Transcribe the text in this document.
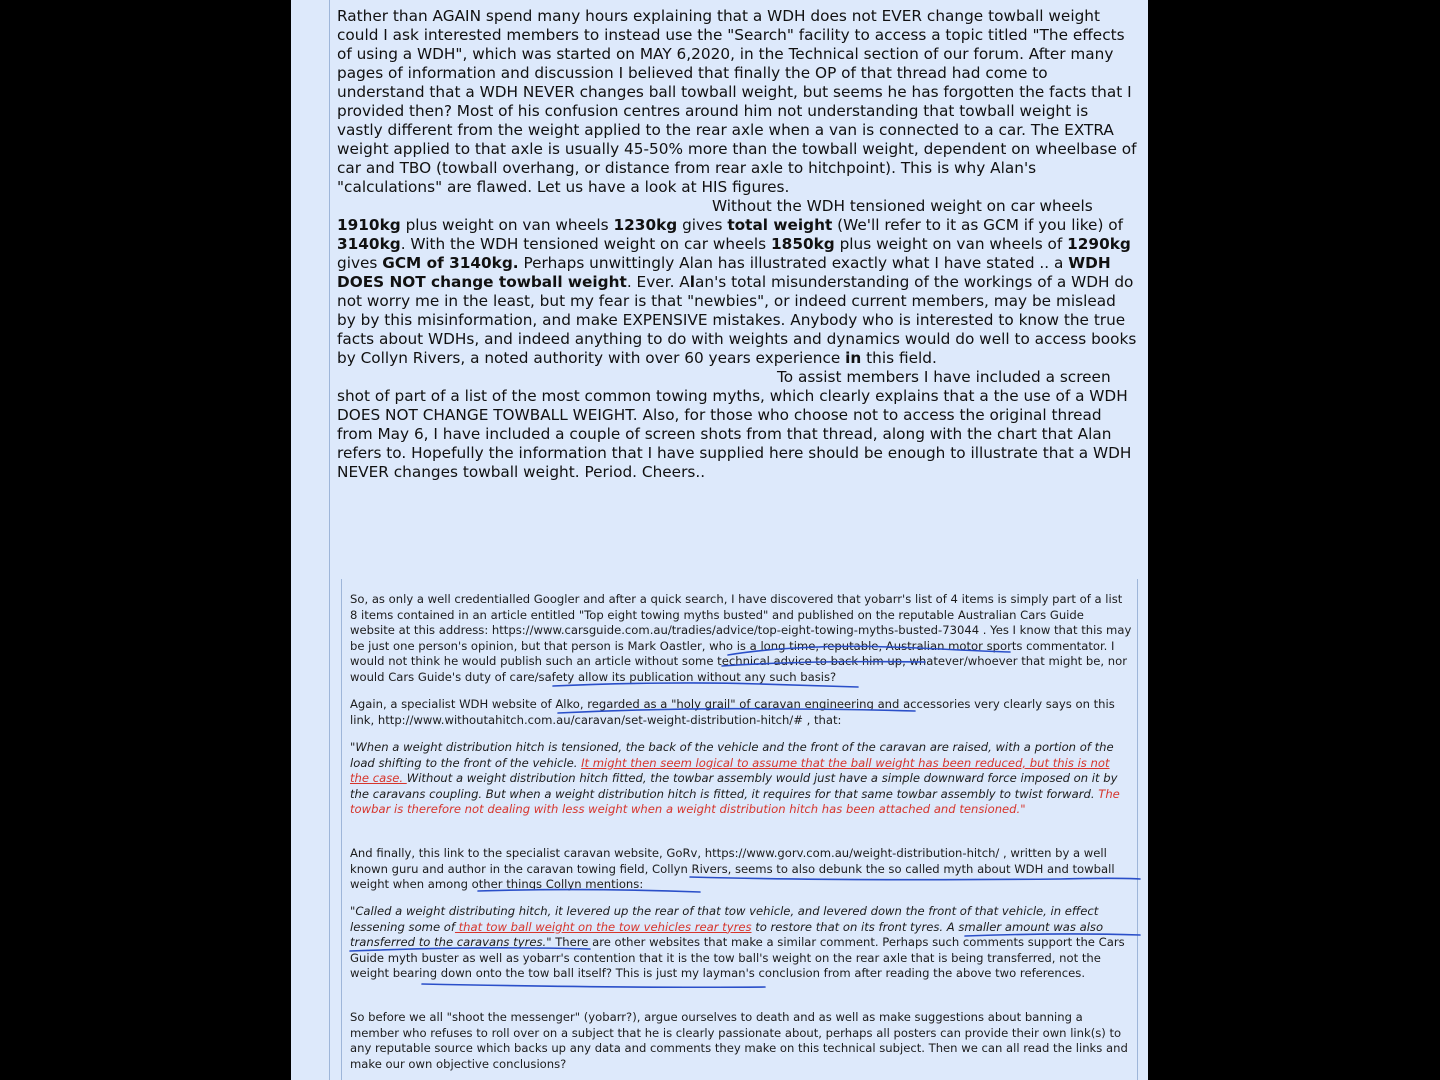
Rather than AGAIN spend many hours explaining that a WDH does not EVER change towball weight could I ask interested members to instead use the "Search" facility to access a topic titled "The effects of using a WDH", which was started on MAY 6,2020, in the Technical section of our forum. After many pages of information and discussion I believed that finally the OP of that thread had come to understand that a WDH NEVER changes ball towball weight, but seems he has forgotten the facts that I provided then? Most of his confusion centres around him not understanding that towball weight is vastly different from the weight applied to the rear axle when a van is connected to a car. The EXTRA weight applied to that axle is usually 45-50% more than the towball weight, dependent on wheelbase of car and TBO (towball overhang, or distance from rear axle to hitchpoint). This is why Alan's "calculations" are flawed. Let us have a look at HIS figures.Without the WDH tensioned weight on car wheels 1910kg plus weight on van wheels 1230kg gives total weight (We'll refer to it as GCM if you like) of 3140kg. With the WDH tensioned weight on car wheels 1850kg plus weight on van wheels of 1290kg gives GCM of 3140kg. Perhaps unwittingly Alan has illustrated exactly what I have stated .. a WDH DOES NOT change towball weight. Ever. Alan's total misunderstanding of the workings of a WDH do not worry me in the least, but my fear is that "newbies", or indeed current members, may be mislead by by this misinformation, and make EXPENSIVE mistakes. Anybody who is interested to know the true facts about WDHs, and indeed anything to do with weights and dynamics would do well to access books by Collyn Rivers, a noted authority with over 60 years experience in this field.To assist members I have included a screen shot of part of a list of the most common towing myths, which clearly explains that a the use of a WDH DOES NOT CHANGE TOWBALL WEIGHT. Also, for those who choose not to access the original thread from May 6, I have included a couple of screen shots from that thread, along with the chart that Alan refers to. Hopefully the information that I have supplied here should be enough to illustrate that a WDH NEVER changes towball weight. Period. Cheers..

So, as only a well credentialled Googler and after a quick search, I have discovered that yobarr's list of 4 items is simply part of a list 8 items contained in an article entitled "Top eight towing myths busted" and published on the reputable Australian Cars Guide website at this address: https://www.carsguide.com.au/tradies/advice/top-eight-towing-myths-busted-73044 . Yes I know that this may be just one person's opinion, but that person is Mark Oastler, who is a long time, reputable, Australian motor sports commentator. I would not think he would publish such an article without some technical advice to back him up, whatever/whoever that might be, nor would Cars Guide's duty of care/safety allow its publication without any such basis?

Again, a specialist WDH website of Alko, regarded as a "holy grail" of caravan engineering and accessories very clearly says on this link, http://www.withoutahitch.com.au/caravan/set-weight-distribution-hitch/# , that:

"When a weight distribution hitch is tensioned, the back of the vehicle and the front of the caravan are raised, with a portion of the load shifting to the front of the vehicle. It might then seem logical to assume that the ball weight has been reduced, but this is not the case. Without a weight distribution hitch fitted, the towbar assembly would just have a simple downward force imposed on it by the caravans coupling. But when a weight distribution hitch is fitted, it requires for that same towbar assembly to twist forward. The towbar is therefore not dealing with less weight when a weight distribution hitch has been attached and tensioned."

And finally, this link to the specialist caravan website, GoRv, https://www.gorv.com.au/weight-distribution-hitch/ , written by a well known guru and author in the caravan towing field, Collyn Rivers, seems to also debunk the so called myth about WDH and towball weight when among other things Collyn mentions:

"Called a weight distributing hitch, it levered up the rear of that tow vehicle, and levered down the front of that vehicle, in effect lessening some of that tow ball weight on the tow vehicles rear tyres to restore that on its front tyres. A smaller amount was also transferred to the caravans tyres." There are other websites that make a similar comment. Perhaps such comments support the Cars Guide myth buster as well as yobarr's contention that it is the tow ball's weight on the rear axle that is being transferred, not the weight bearing down onto the tow ball itself? This is just my layman's conclusion from after reading the above two references.

So before we all "shoot the messenger" (yobarr?), argue ourselves to death and as well as make suggestions about banning a member who refuses to roll over on a subject that he is clearly passionate about, perhaps all posters can provide their own link(s) to any reputable source which backs up any data and comments they make on this technical subject. Then we can all read the links and make our own objective conclusions?
